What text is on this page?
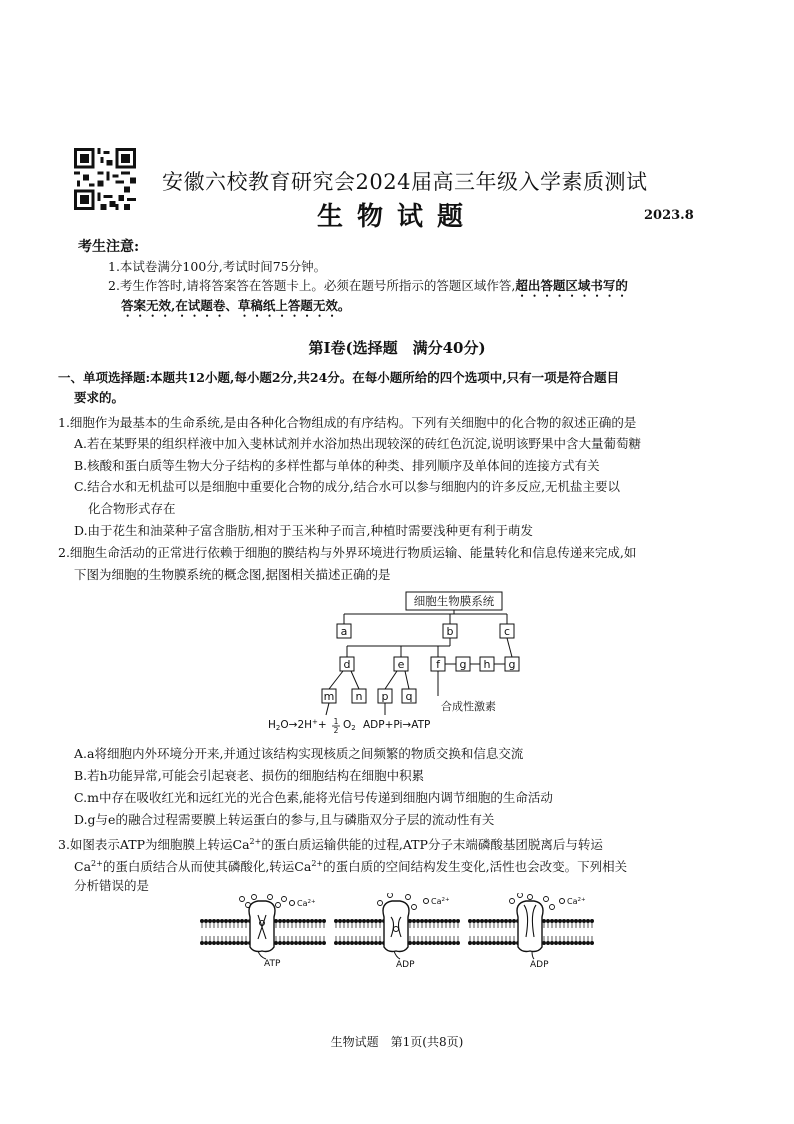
安徽六校教育研究会2024届高三年级入学素质测试
生物试题	2023.8
考生注意:
1.本试卷满分100分,考试时间75分钟。
2.考生作答时,请将答案答在答题卡上。必须在题号所指示的答题区域作答,超出答题区域书写的
答案无效,在试题卷、草稿纸上答题无效。
第Ⅰ卷(选择题　满分40分)
一、单项选择题:本题共12小题,每小题2分,共24分。在每小题所给的四个选项中,只有一项是符合题目
要求的。
1.细胞作为最基本的生命系统,是由各种化合物组成的有序结构。下列有关细胞中的化合物的叙述正确的是
A.若在某野果的组织样液中加入斐林试剂并水浴加热出现较深的砖红色沉淀,说明该野果中含大量葡萄糖
B.核酸和蛋白质等生物大分子结构的多样性都与单体的种类、排列顺序及单体间的连接方式有关
C.结合水和无机盐可以是细胞中重要化合物的成分,结合水可以参与细胞内的许多反应,无机盐主要以
化合物形式存在
D.由于花生和油菜种子富含脂肪,相对于玉米种子而言,种植时需要浅种更有利于萌发
2.细胞生命活动的正常进行依赖于细胞的膜结构与外界环境进行物质运输、能量转化和信息传递来完成,如
下图为细胞的生物膜系统的概念图,据图相关描述正确的是
细胞生物膜系统
a	b	c
d	e	f g h g
m n p q
合成性激素
H2O→2H++ 1
2 O2 ADP+Pi→ATP
A.a将细胞内外环境分开来,并通过该结构实现核质之间频繁的物质交换和信息交流
B.若h功能异常,可能会引起衰老、损伤的细胞结构在细胞中积累
C.m中存在吸收红光和远红光的光合色素,能将光信号传递到细胞内调节细胞的生命活动
D.g与e的融合过程需要膜上转运蛋白的参与,且与磷脂双分子层的流动性有关
3.如图表示ATP为细胞膜上转运$Ca^{2+}$的蛋白质运输供能的过程,ATP分子末端磷酸基团脱离后与转运
$Ca^{2+}$的蛋白质结合从而使其磷酸化,转运$Ca^{2+}$的蛋白质的空间结构发生变化,活性也会改变。下列相关
分析错误的是
$Ca^{2+}$
ATP
$Ca^{2+}$
ADP
$Ca^{2+}$
ADP
生物试题　第1页(共8页)
